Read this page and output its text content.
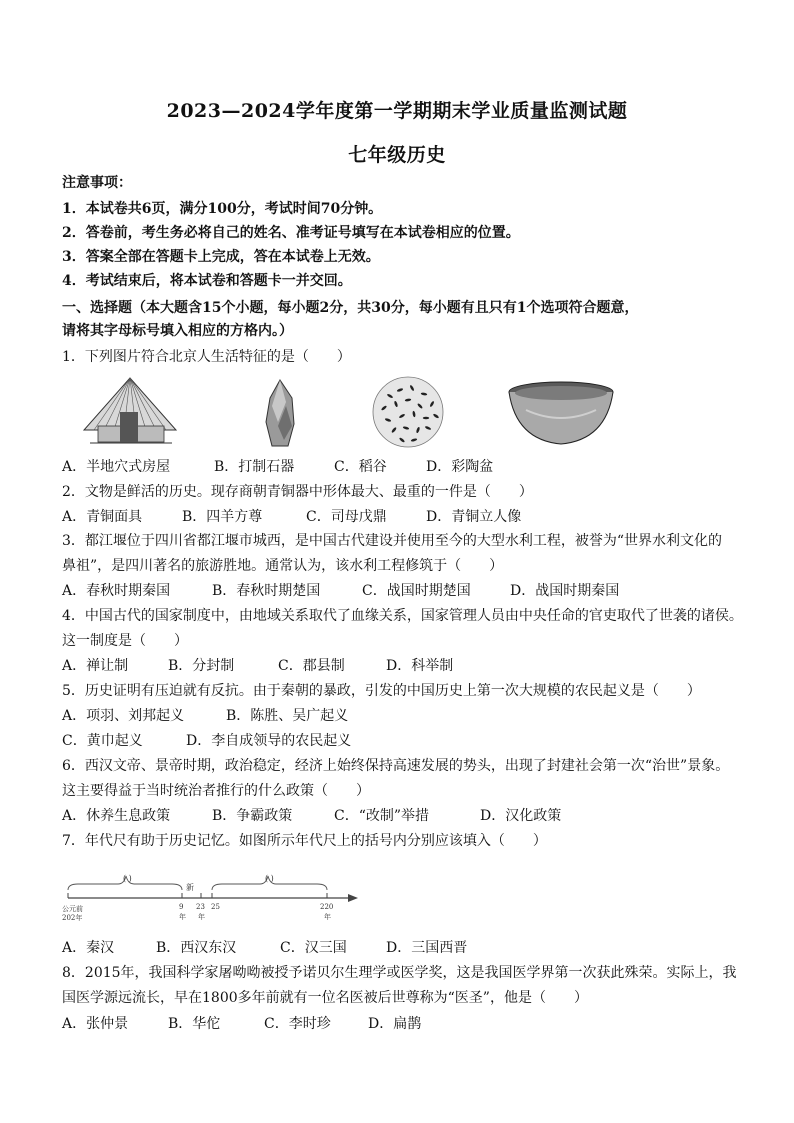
2023—2024学年度第一学期期末学业质量监测试题
七年级历史
注意事项：
1．本试卷共6页，满分100分，考试时间70分钟。
2．答卷前，考生务必将自己的姓名、准考证号填写在本试卷相应的位置。
3．答案全部在答题卡上完成，答在本试卷上无效。
4．考试结束后，将本试卷和答题卡一并交回。
一、选择题（本大题含15个小题，每小题2分，共30分，每小题有且只有1个选项符合题意，
请将其字母标号填入相应的方格内。）
1．下列图片符合北京人生活特征的是（　　）
A．半地穴式房屋	B．打制石器	C．稻谷	D．彩陶盆
2．文物是鲜活的历史。现存商朝青铜器中形体最大、最重的一件是（　　）
A．青铜面具	B．四羊方尊	C．司母戊鼎	D．青铜立人像
3．都江堰位于四川省都江堰市城西，是中国古代建设并使用至今的大型水利工程，被誉为“世界水利文化的
鼻祖”，是四川著名的旅游胜地。通常认为，该水利工程修筑于（　　）
A．春秋时期秦国	B．春秋时期楚国	C．战国时期楚国	D．战国时期秦国
4．中国古代的国家制度中，由地域关系取代了血缘关系，国家管理人员由中央任命的官吏取代了世袭的诸侯。
这一制度是（　　）
A．禅让制	B．分封制	C．郡县制	D．科举制
5．历史证明有压迫就有反抗。由于秦朝的暴政，引发的中国历史上第一次大规模的农民起义是（　　）
A．项羽、刘邦起义	B．陈胜、吴广起义
C．黄巾起义	D．李自成领导的农民起义
6．西汉文帝、景帝时期，政治稳定，经济上始终保持高速发展的势头，出现了封建社会第一次“治世”景象。
这主要得益于当时统治者推行的什么政策（　　）
A．休养生息政策	B．争霸政策	C．“改制”举措	D．汉化政策
7．年代尺有助于历史记忆。如图所示年代尺上的括号内分别应该填入（　　）
( )	( )
新
公元前
202年
9
年
23
年
25	220
年
A．秦汉	B．西汉东汉	C．汉三国	D．三国西晋
8．2015年，我国科学家屠呦呦被授予诺贝尔生理学或医学奖，这是我国医学界第一次获此殊荣。实际上，我
国医学源远流长，早在1800多年前就有一位名医被后世尊称为“医圣”，他是（　　）
A．张仲景	B．华佗	C．李时珍	D．扁鹊
